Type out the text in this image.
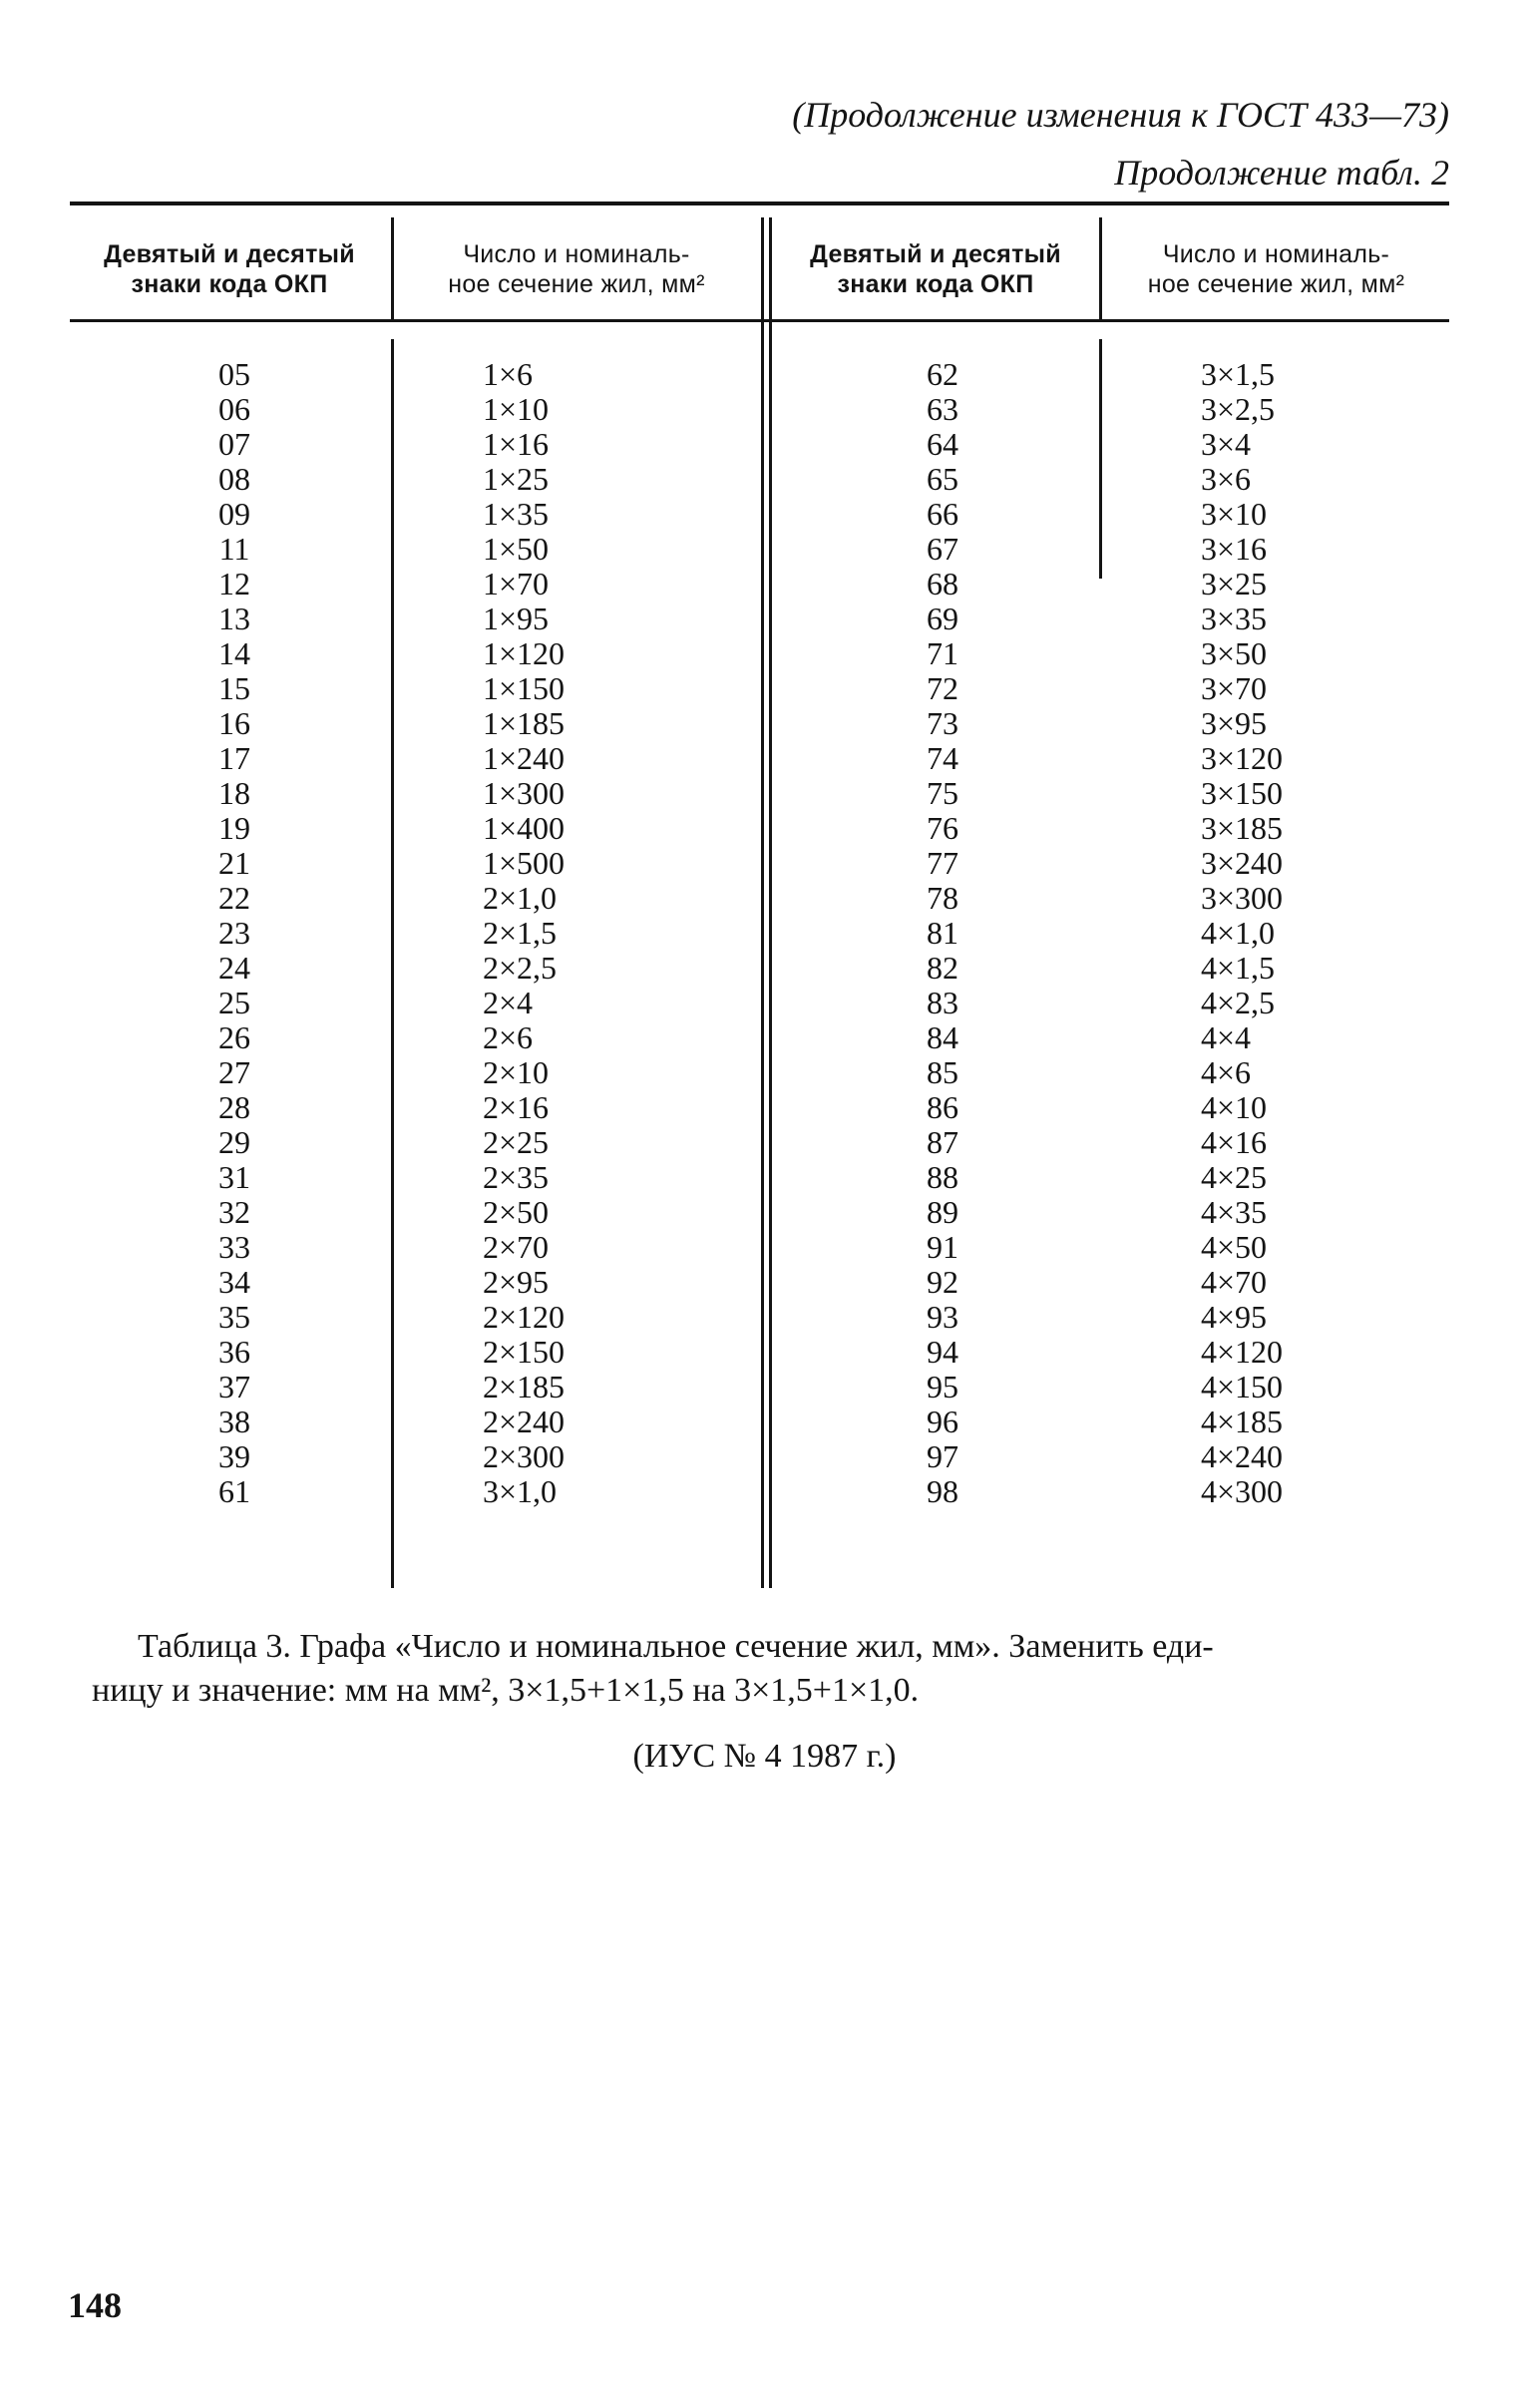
(Продолжение изменения к ГОСТ 433—73)
Продолжение табл. 2
Девятый и десятый
знаки кода ОКП
Число и номиналь-
ное сечение жил, мм²
Девятый и десятый
знаки кода ОКП
Число и номиналь-
ное сечение жил, мм²
05
06
07
08
09
11
12
13
14
15
16
17
18
19
21
22
23
24
25
26
27
28
29
31
32
33
34
35
36
37
38
39
61
1×6
1×10
1×16
1×25
1×35
1×50
1×70
1×95
1×120
1×150
1×185
1×240
1×300
1×400
1×500
2×1,0
2×1,5
2×2,5
2×4
2×6
2×10
2×16
2×25
2×35
2×50
2×70
2×95
2×120
2×150
2×185
2×240
2×300
3×1,0
62
63
64
65
66
67
68
69
71
72
73
74
75
76
77
78
81
82
83
84
85
86
87
88
89
91
92
93
94
95
96
97
98
3×1,5
3×2,5
3×4
3×6
3×10
3×16
3×25
3×35
3×50
3×70
3×95
3×120
3×150
3×185
3×240
3×300
4×1,0
4×1,5
4×2,5
4×4
4×6
4×10
4×16
4×25
4×35
4×50
4×70
4×95
4×120
4×150
4×185
4×240
4×300
Таблица 3. Графа «Число и номинальное сечение жил, мм». Заменить еди-
ницу и значение: мм на мм², 3×1,5+1×1,5 на 3×1,5+1×1,0.
(ИУС № 4 1987 г.)
148
